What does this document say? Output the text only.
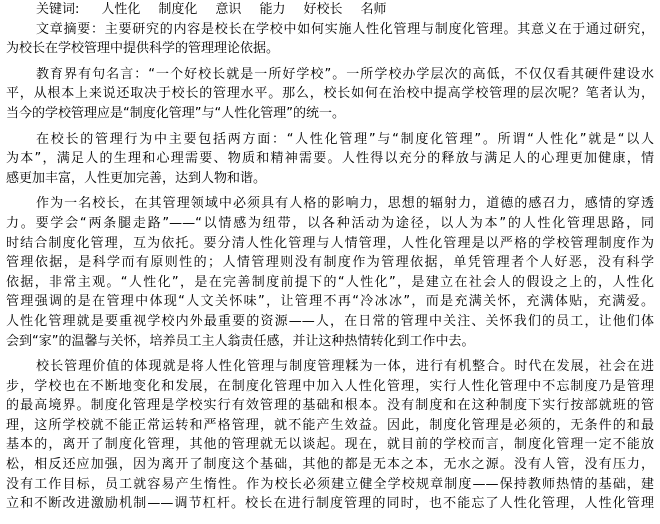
关键词: 人性化 制度化 意识 能力 好校长 名师
文章摘要：主要研究的内容是校长在学校中如何实施人性化管理与制度化管理。其意义在于通过研究，
为校长在学校管理中提供科学的管理理论依据。
教育界有句名言：“一个好校长就是一所好学校”。一所学校办学层次的高低，不仅仅看其硬件建设水
平，从根本上来说还取决于校长的管理水平。那么，校长如何在治校中提高学校管理的层次呢？笔者认为，
当今的学校管理应是“制度化管理”与“人性化管理”的统一。
在校长的管理行为中主要包括两方面：“人性化管理”与“制度化管理”。所谓“人性化”就是“以人
为本”，满足人的生理和心理需要、物质和精神需要。人性得以充分的释放与满足人的心理更加健康，情
感更加丰富，人性更加完善，达到人物和谐。
作为一名校长，在其管理领域中必须具有人格的影响力，思想的辐射力，道德的感召力，感情的穿透
力。要学会“两条腿走路”——“以情感为纽带，以各种活动为途径，以人为本”的人性化管理思路，同
时结合制度化管理，互为依托。要分清人性化管理与人情管理，人性化管理是以严格的学校管理制度作为
管理依据，是科学而有原则性的；人情管理则没有制度作为管理依据，单凭管理者个人好恶，没有科学
依据，非常主观。“人性化”，是在完善制度前提下的“人性化”，是建立在社会人的假设之上的，人性化
管理强调的是在管理中体现“人文关怀味”，让管理不再“冷冰冰”，而是充满关怀，充满体贴，充满爱。
人性化管理就是要重视学校内外最重要的资源——人，在日常的管理中关注、关怀我们的员工，让他们体
会到“家”的温馨与关怀，培养员工主人翁责任感，并让这种热情转化到工作中去。
校长管理价值的体现就是将人性化管理与制度管理糅为一体，进行有机整合。时代在发展，社会在进
步，学校也在不断地变化和发展，在制度化管理中加入人性化管理，实行人性化管理中不忘制度乃是管理
的最高境界。制度化管理是学校实行有效管理的基础和根本。没有制度和在这种制度下实行按部就班的管
理，这所学校就不能正常运转和严格管理，就不能产生效益。因此，制度化管理是必须的，无条件的和最
基本的，离开了制度化管理，其他的管理就无以谈起。现在，就目前的学校而言，制度化管理一定不能放
松，相反还应加强，因为离开了制度这个基础，其他的都是无本之本，无水之源。没有人管，没有压力，
没有工作目标，员工就容易产生惰性。作为校长必须建立健全学校规章制度——保持教师热情的基础，建
立和不断改进激励机制——调节杠杆。校长在进行制度管理的同时，也不能忘了人性化管理，人性化管理
